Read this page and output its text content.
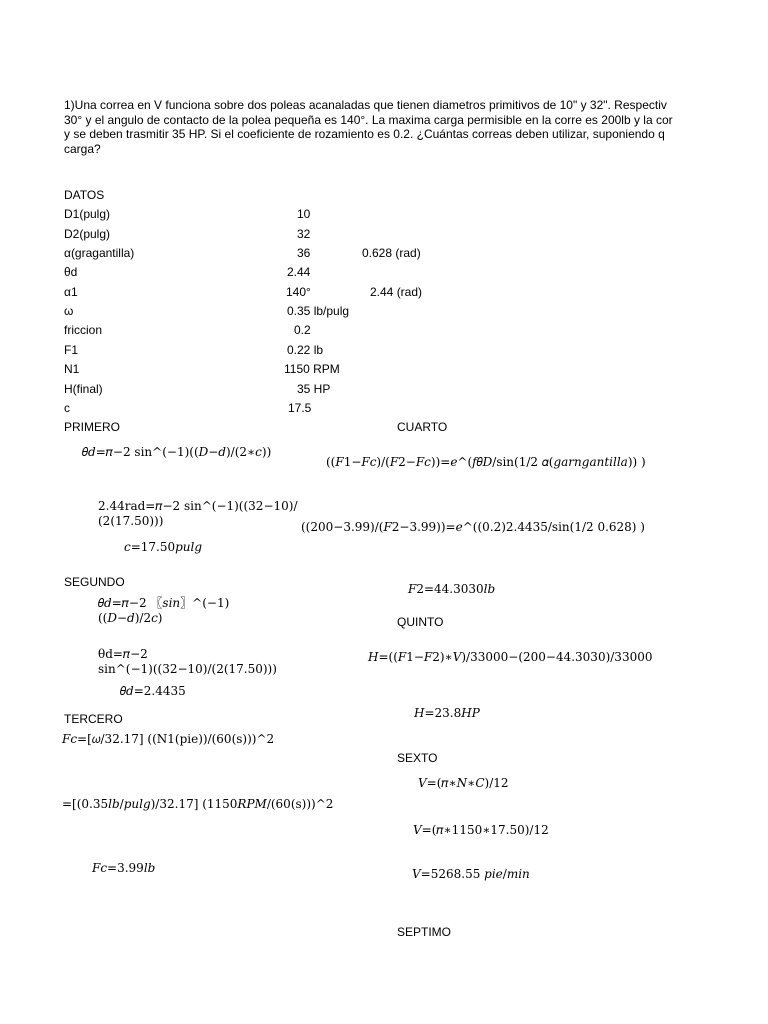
1)Una correa en V funciona sobre dos poleas acanaladas que tienen diametros primitivos de 10" y 32". Respectiv
30° y el angulo de contacto de la polea pequeña es 140°. La maxima carga permisible en la corre es 200lb y la cor
y se deben trasmitir 35 HP. Si el coeficiente de rozamiento es 0.2. ¿Cuántas correas deben utilizar, suponiendo q
carga?
DATOS
D1(pulg)	10
D2(pulg)	32
α(gragantilla)	36	0.628 (rad)
θd	2.44
α1	140°	2.44 (rad)
ω	0.35 lb/pulg
friccion	0.2
F1	0.22 lb
N1	1150 RPM
H(final)	35 HP
c	17.5
PRIMERO
𝜃𝑑=𝜋−2 sin^(−1)((𝐷−𝑑)/(2∗𝑐))
2.44rad=𝜋−2 sin^(−1)((32−10)/
(2(17.50)))
𝑐=17.50𝑝𝑢𝑙𝑔
SEGUNDO
𝜃𝑑=𝜋−2 〖𝑠𝑖𝑛〗^(−1)
((𝐷−𝑑)/2𝑐)
θd=𝜋−2
sin^(−1)((32−10)/(2(17.50)))
𝜃𝑑=2.4435
TERCERO
𝐹𝑐=[𝜔/32.17] ((N1(pie))/(60(s)))^2
=[(0.35𝑙𝑏/𝑝𝑢𝑙𝑔)/32.17] (1150𝑅𝑃𝑀/(60(s)))^2
𝐹𝑐=3.99𝑙𝑏
CUARTO
((𝐹1−𝐹𝑐)/(𝐹2−𝐹𝑐))=𝑒^(𝑓𝜃𝐷/sin(1/2 𝛼(𝑔𝑎𝑟𝑛𝑔𝑎𝑛𝑡𝑖𝑙𝑙𝑎)) )
((200−3.99)/(𝐹2−3.99))=𝑒^((0.2)2.4435/sin(1/2 0.628) )
𝐹2=44.3030𝑙𝑏
QUINTO
𝐻=((𝐹1−𝐹2)∗𝑉)/33000−(200−44.3030)/33000
𝐻=23.8𝐻𝑃
SEXTO
𝑉=(𝜋∗𝑁∗𝐶)/12
𝑉=(𝜋∗1150∗17.50)/12
𝑉=5268.55 𝑝𝑖𝑒/𝑚𝑖𝑛
SEPTIMO
